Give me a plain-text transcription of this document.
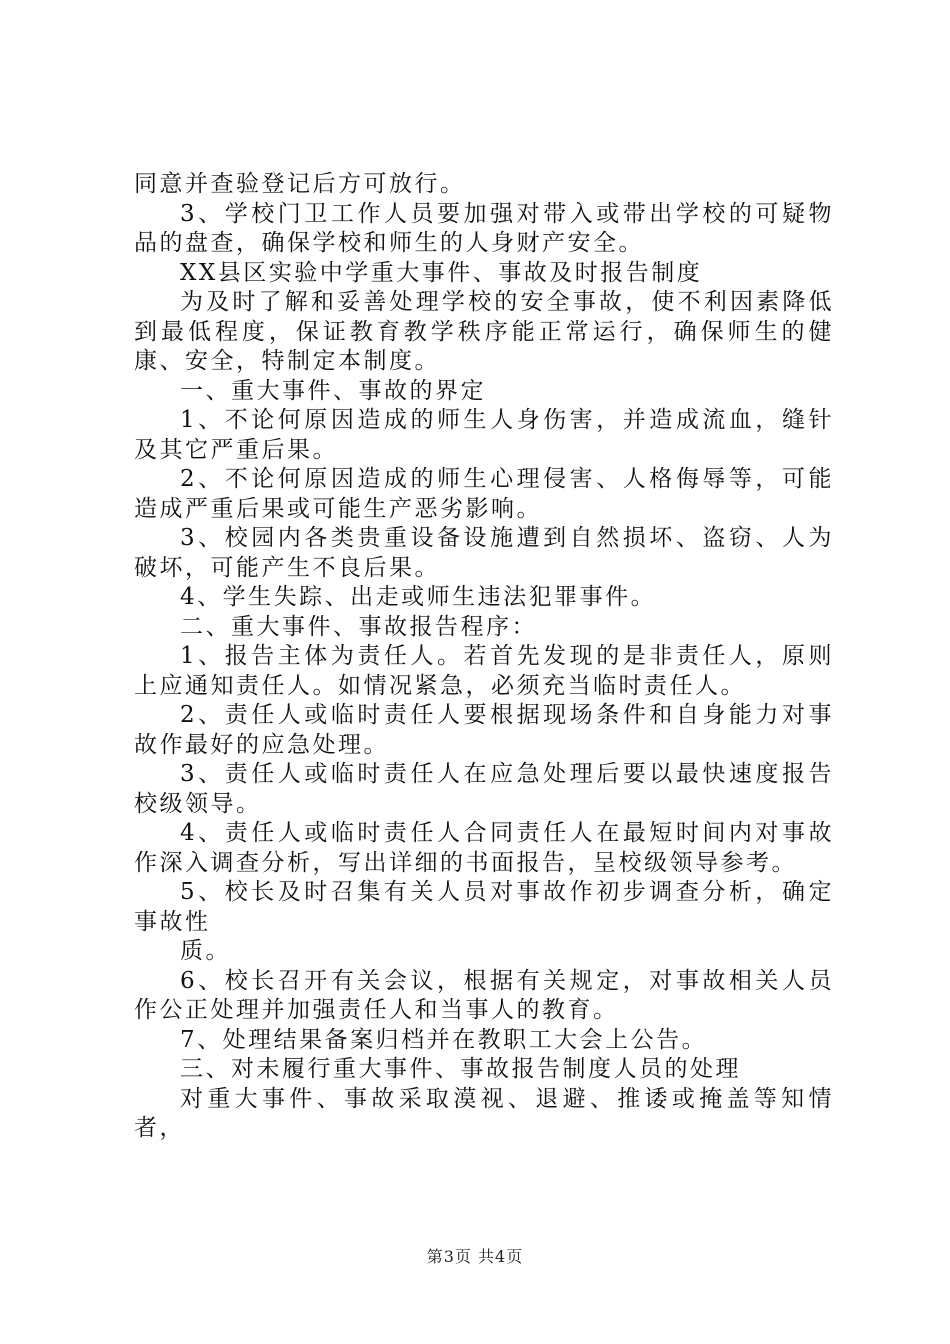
同意并查验登记后方可放行。

3、学校门卫工作人员要加强对带入或带出学校的可疑物品的盘查，确保学校和师生的人身财产安全。

XX县区实验中学重大事件、事故及时报告制度

为及时了解和妥善处理学校的安全事故，使不利因素降低到最低程度，保证教育教学秩序能正常运行，确保师生的健康、安全，特制定本制度。

一、重大事件、事故的界定

1、不论何原因造成的师生人身伤害，并造成流血，缝针及其它严重后果。

2、不论何原因造成的师生心理侵害、人格侮辱等，可能造成严重后果或可能生产恶劣影响。

3、校园内各类贵重设备设施遭到自然损坏、盗窃、人为破坏，可能产生不良后果。

4、学生失踪、出走或师生违法犯罪事件。

二、重大事件、事故报告程序：

1、报告主体为责任人。若首先发现的是非责任人，原则上应通知责任人。如情况紧急，必须充当临时责任人。

2、责任人或临时责任人要根据现场条件和自身能力对事故作最好的应急处理。

3、责任人或临时责任人在应急处理后要以最快速度报告校级领导。

4、责任人或临时责任人合同责任人在最短时间内对事故作深入调查分析，写出详细的书面报告，呈校级领导参考。

5、校长及时召集有关人员对事故作初步调查分析，确定事故性

质。

6、校长召开有关会议，根据有关规定，对事故相关人员作公正处理并加强责任人和当事人的教育。

7、处理结果备案归档并在教职工大会上公告。

三、对未履行重大事件、事故报告制度人员的处理

对重大事件、事故采取漠视、退避、推诿或掩盖等知情者，

第3页 共4页
